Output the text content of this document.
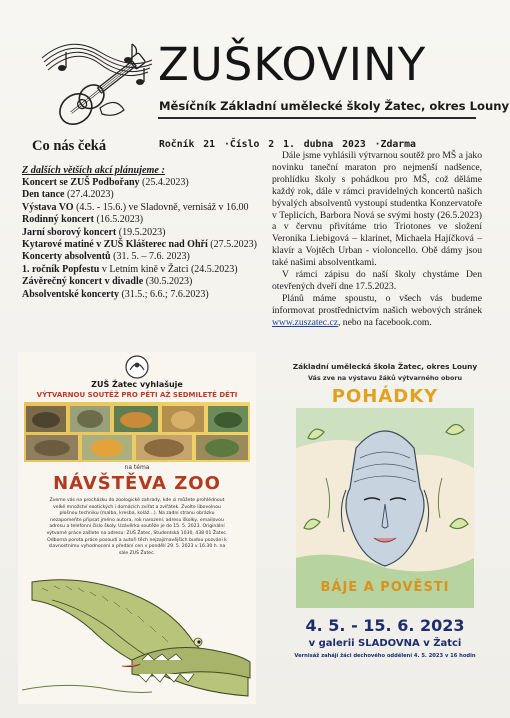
ZUŠKOVINY
Měsíčník Základní umělecké školy Žatec, okres Louny
Ročník 21 ·Číslo 2 1. dubna 2023 ·Zdarma
Co nás čeká
Z dalších větších akcí plánujeme :
Koncert se ZUŠ Podbořany (25.4.2023)
Den tance (27.4.2023)
Výstava VO (4.5. - 15.6.) ve Sladovně, vernisáž v 16.00
Rodinný koncert (16.5.2023)
Jarní sborový koncert (19.5.2023)
Kytarové matiné v ZUŠ Klášterec nad Ohří (27.5.2023)
Koncerty absolventů (31. 5. – 7.6. 2023)
1. ročník Popfestu v Letním kině v Žatci (24.5.2023)
Závěrečný koncert v divadle (30.5.2023)
Absolventské koncerty (31.5.; 6.6.; 7.6.2023)

Dále jsme vyhlásili výtvarnou soutěž pro MŠ a jako novinku taneční maraton pro nejmenší nadšence, prohlídku školy s pohádkou pro MŠ, což děláme každý rok, dále v rámci pravidelných koncertů našich bývalých absolventů vystoupí studentka Konzervatoře v Teplicích, Barbora Nová se svými hosty (26.5.2023) a v červnu přivítáme trio Triotones ve složení Veronika Liebigová – klarinet, Michaela Hajíčková – klavír a Vojtěch Urban - violoncello. Obě dámy jsou také našimi absolventkami.

V rámci zápisu do naší školy chystáme Den otevřených dveří dne 17.5.2023.

Plánů máme spoustu, o všech vás budeme informovat prostřednictvím našich webových stránek www.zuszatec.cz, nebo na facebook.com.

ZUŠ Žatec vyhlašuje
VÝTVARNOU SOUTĚŽ PRO PĚTI AŽ SEDMILETÉ DĚTI
na téma
NÁVŠTĚVA ZOO
Zveme vás na procházku do zoologické zahrady, kde si můžete prohlédnout velké množství exotických i domácích zvířat a zvířátek. Zvolte libovolnou plošnou techniku (malba, kresba, koláž…). Na zadní stranu obrázku nezapomeňte připsat jméno autora, rok narození, adresu školky, emailovou adresu a telefonní číslo školy. Uzávěrka soutěže je do 15. 5. 2023. Originální výtvarné práce zašlete na adresu: ZUŠ Žatec, Studentská 1030, 438 01 Žatec. Odborná porota práce posoudí a autoři těch nejzajímavějších budou pozváni k slavnostnímu vyhodnocení a předání cen v pondělí 29. 5. 2023 v 16.30 h. na sále ZUŠ Žatec.
Základní umělecká škola Žatec, okres Louny
Vás zve na výstavu žáků výtvarného oboru
POHÁDKY
BÁJE A POVĚSTI
4. 5. - 15. 6. 2023
v galerii SLADOVNA v Žatci
Vernisáž zahájí žáci dechového oddělení 4. 5. 2023 v 16 hodin
